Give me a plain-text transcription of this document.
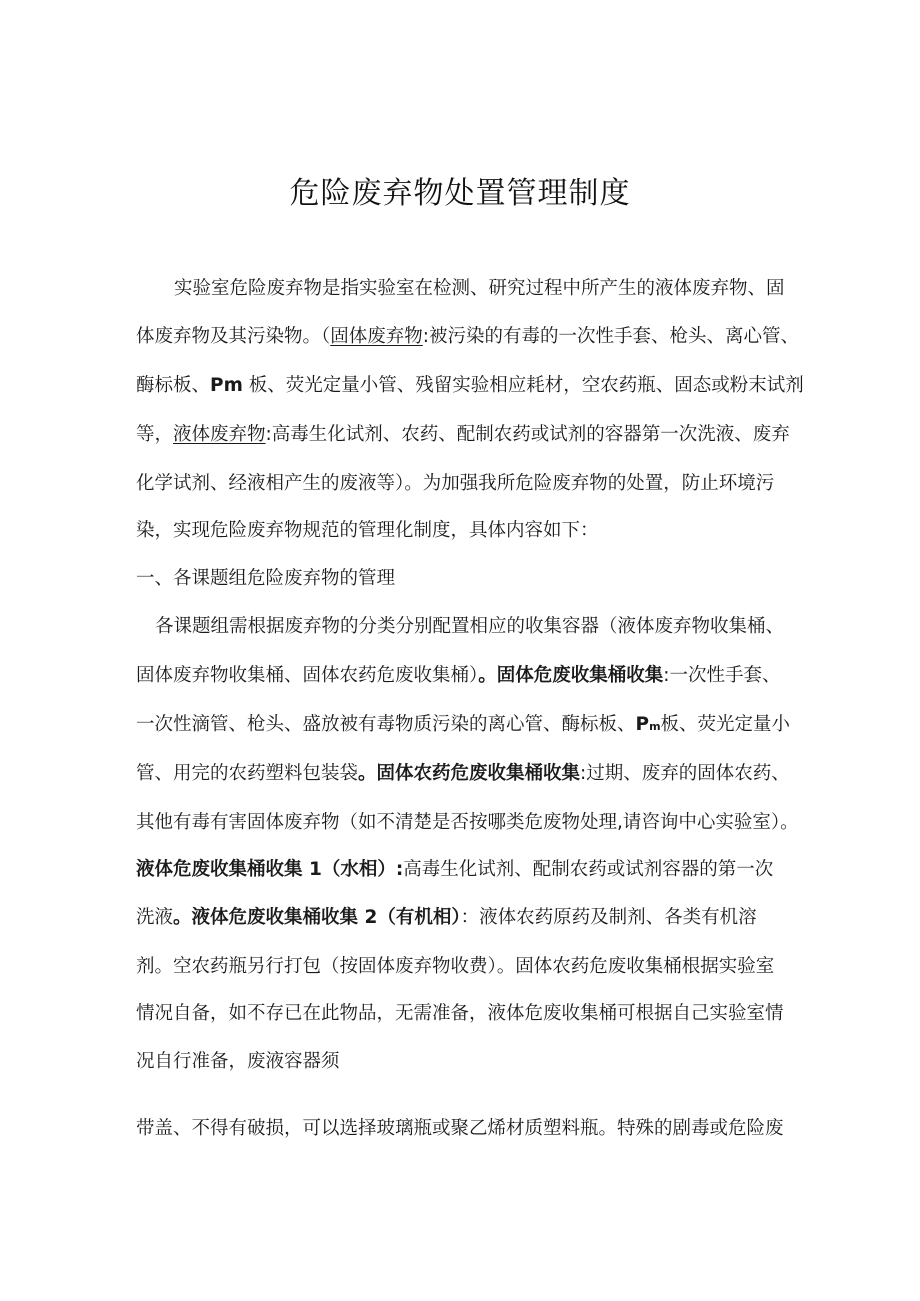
危险废弃物处置管理制度
实验室危险废弃物是指实验室在检测、研究过程中所产生的液体废弃物、固
体废弃物及其污染物。（固体废弃物:被污染的有毒的一次性手套、枪头、离心管、
酶标板、Pm 板、荧光定量小管、残留实验相应耗材，空农药瓶、固态或粉末试剂
等，液体废弃物:高毒生化试剂、农药、配制农药或试剂的容器第一次洗液、废弃
化学试剂、经液相产生的废液等）。为加强我所危险废弃物的处置，防止环境污
染，实现危险废弃物规范的管理化制度，具体内容如下：
一、各课题组危险废弃物的管理
各课题组需根据废弃物的分类分别配置相应的收集容器（液体废弃物收集桶、
固体废弃物收集桶、固体农药危废收集桶）。固体危废收集桶收集:一次性手套、
一次性滴管、枪头、盛放被有毒物质污染的离心管、酶标板、Pm板、荧光定量小
管、用完的农药塑料包装袋。固体农药危废收集桶收集:过期、废弃的固体农药、
其他有毒有害固体废弃物（如不清楚是否按哪类危废物处理,请咨询中心实验室）。
液体危废收集桶收集 1（水相）:高毒生化试剂、配制农药或试剂容器的第一次
洗液。液体危废收集桶收集 2（有机相）：液体农药原药及制剂、各类有机溶
剂。空农药瓶另行打包（按固体废弃物收费）。固体农药危废收集桶根据实验室
情况自备，如不存已在此物品，无需准备，液体危废收集桶可根据自己实验室情
况自行准备，废液容器须
带盖、不得有破损，可以选择玻璃瓶或聚乙烯材质塑料瓶。特殊的剧毒或危险废
